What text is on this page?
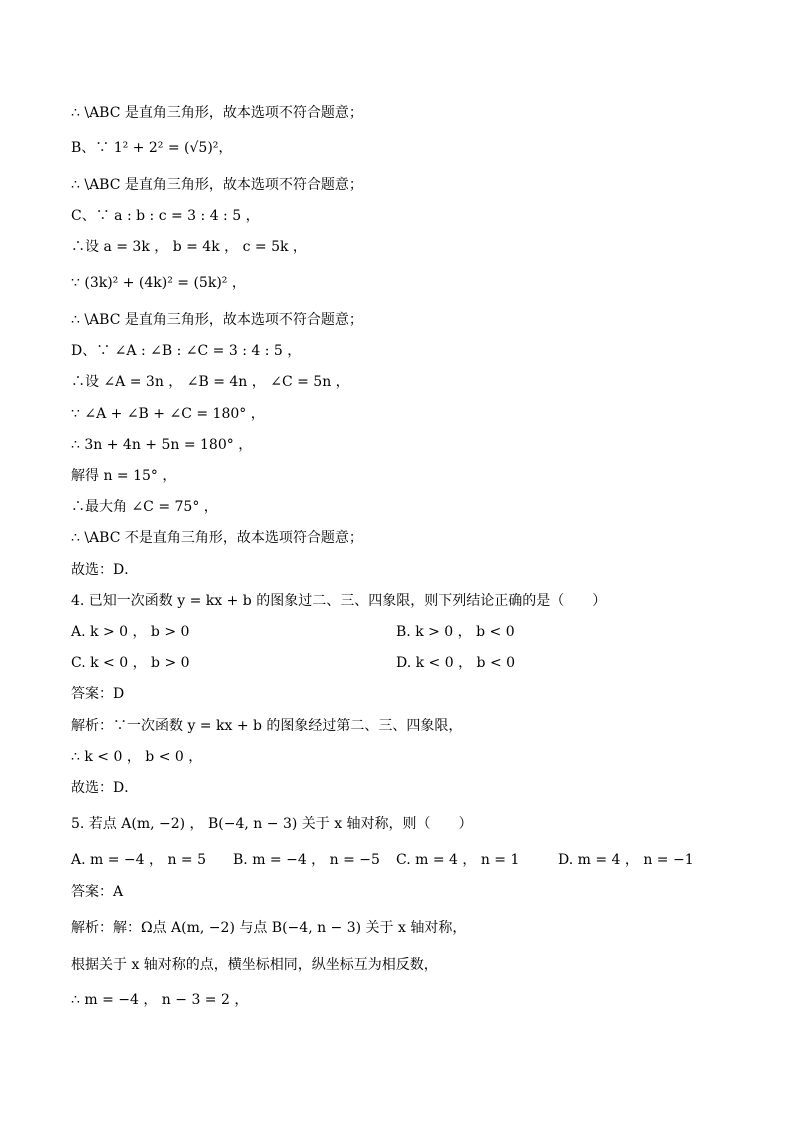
∴ \ABC 是直角三角形，故本选项不符合题意；
B、∵ 1² + 2² = (√5)²，
∴ \ABC 是直角三角形，故本选项不符合题意；
C、∵ a : b : c = 3 : 4 : 5 ，
∴设 a = 3k ， b = 4k ， c = 5k ，
∵ (3k)² + (4k)² = (5k)² ，
∴ \ABC 是直角三角形，故本选项不符合题意；
D、∵ ∠A : ∠B : ∠C = 3 : 4 : 5 ，
∴设 ∠A = 3n ， ∠B = 4n ， ∠C = 5n ，
∵ ∠A + ∠B + ∠C = 180° ，
∴ 3n + 4n + 5n = 180° ，
解得 n = 15° ，
∴最大角 ∠C = 75° ，
∴ \ABC 不是直角三角形，故本选项符合题意；
故选：D．
4. 已知一次函数 y = kx + b 的图象过二、三、四象限，则下列结论正确的是（　　）
A. k > 0 ， b > 0	B. k > 0 ， b < 0
C. k < 0 ， b > 0	D. k < 0 ， b < 0
答案：D
解析：∵一次函数 y = kx + b 的图象经过第二、三、四象限，
∴ k < 0 ， b < 0 ，
故选：D．
5. 若点 A(m, −2) ， B(−4, n − 3) 关于 x 轴对称，则（　　）
A. m = −4 ， n = 5 B. m = −4 ， n = −5 C. m = 4 ， n = 1	D. m = 4 ， n = −1
答案：A
解析：解：Ω点 A(m, −2) 与点 B(−4, n − 3) 关于 x 轴对称，
根据关于 x 轴对称的点，横坐标相同，纵坐标互为相反数，
∴ m = −4 ， n − 3 = 2 ，
